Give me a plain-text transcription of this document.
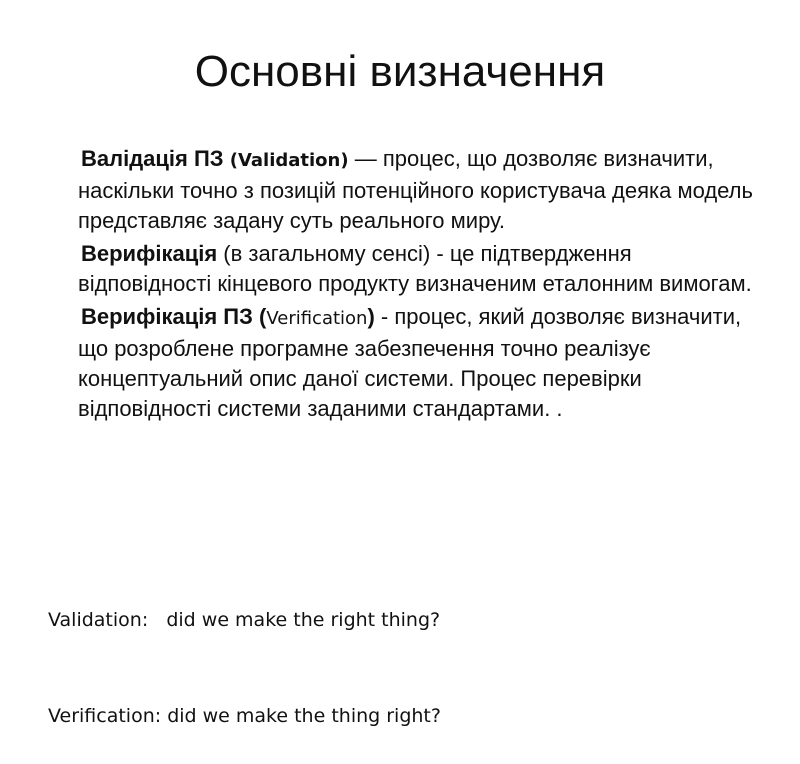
Основні визначення

Валідація ПЗ (Validation) — процес, що дозволяє визначити, наскільки точно з позицій потенційного користувача деяка модель представляє задану суть реального миру.

Верифікація (в загальному сенсі) - це підтвердження відповідності кінцевого продукту визначеним еталонним вимогам.

Верифікація ПЗ (Verification) - процес, який дозволяє визначити, що розроблене програмне забезпечення точно реалізує концептуальний опис даної системи. Процес перевірки відповідності системи заданими стандартами. .

Validation:   did we make the right thing?

Verification: did we make the thing right?
